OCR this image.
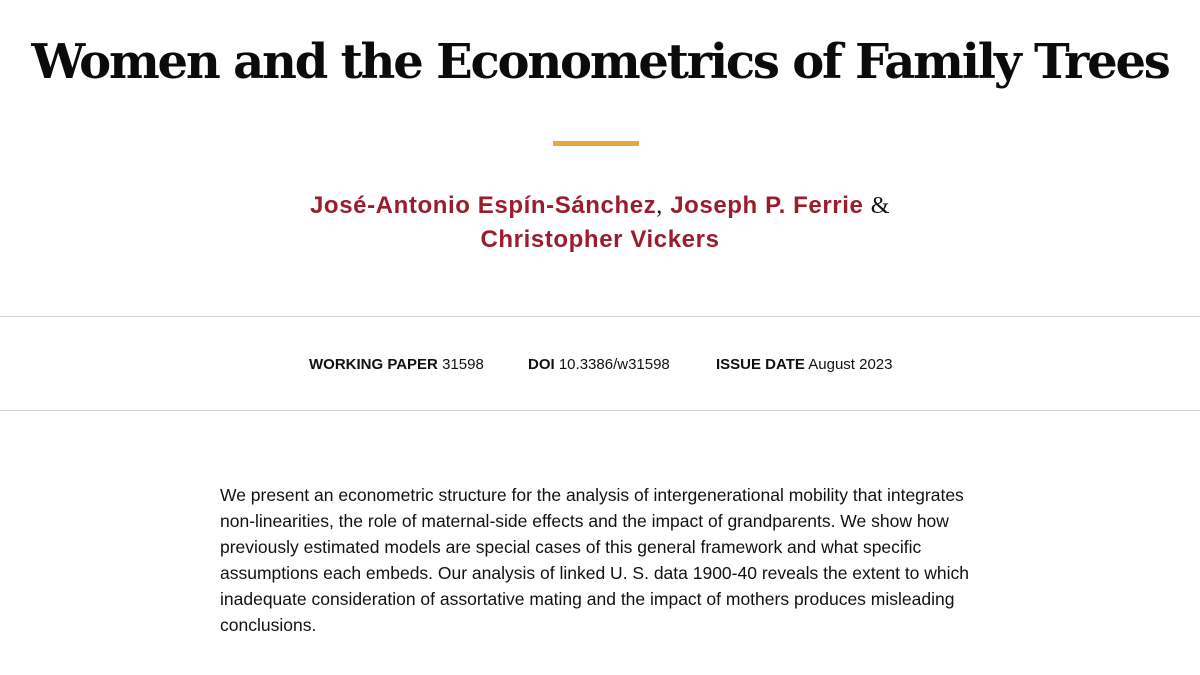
Women and the Econometrics of Family Trees
José-Antonio Espín-Sánchez, Joseph P. Ferrie &
Christopher Vickers
WORKING PAPER 31598	DOI 10.3386/w31598	ISSUE DATE August 2023

We present an econometric structure for the analysis of intergenerational mobility that integrates non-linearities, the role of maternal-side effects and the impact of grandparents. We show how previously estimated models are special cases of this general framework and what specific assumptions each embeds. Our analysis of linked U. S. data 1900-40 reveals the extent to which inadequate consideration of assortative mating and the impact of mothers produces misleading conclusions.
